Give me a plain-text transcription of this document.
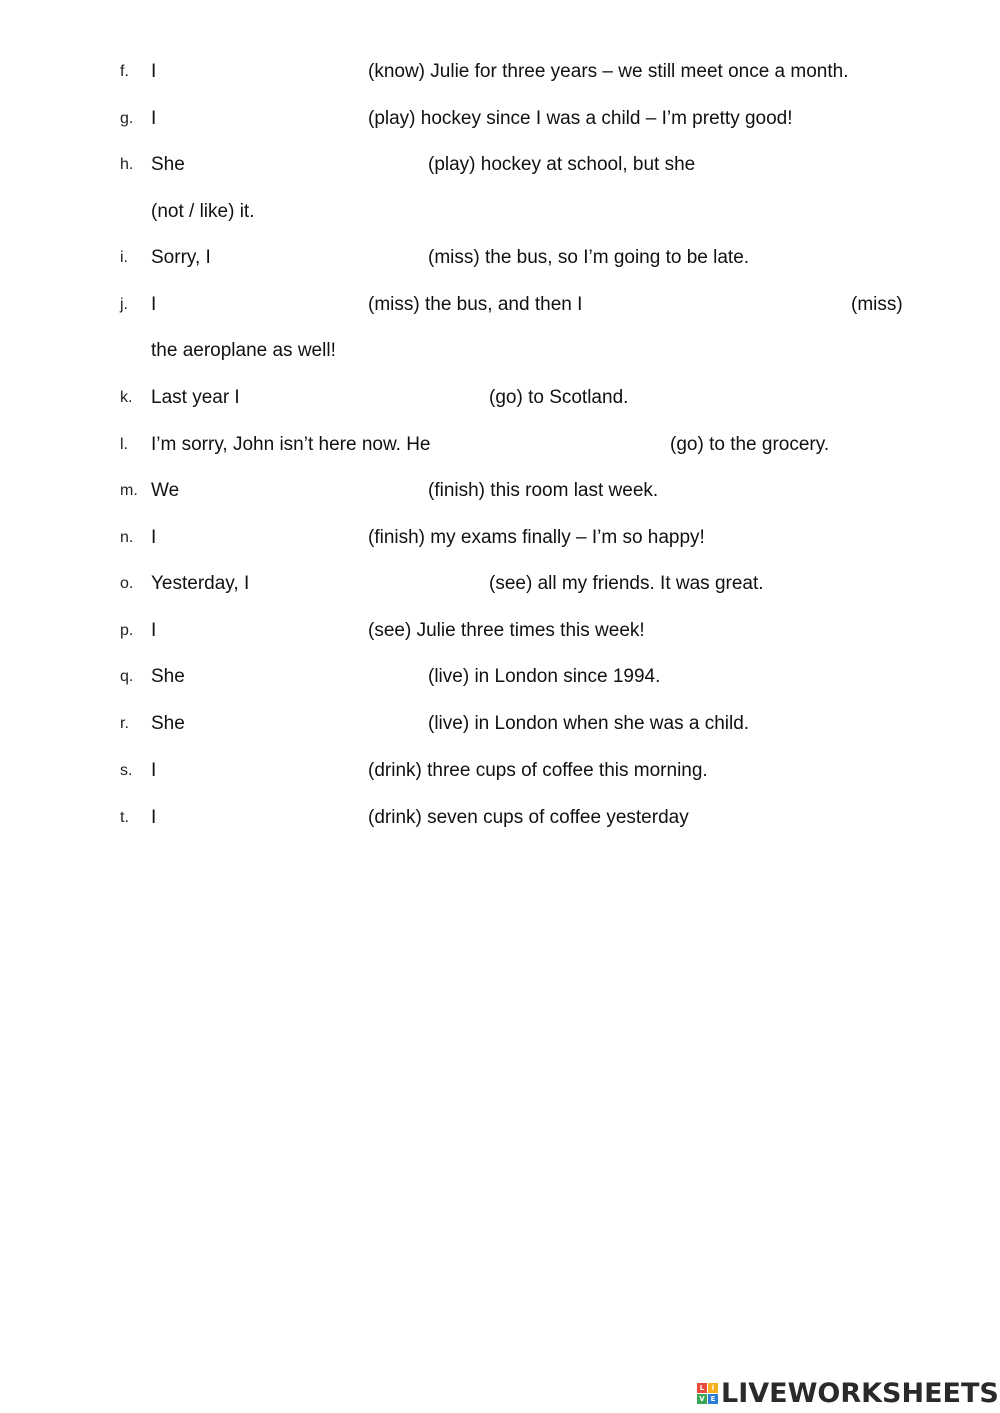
f. I	(know) Julie for three years – we still meet once a month.
g. I	(play) hockey since I was a child – I’m pretty good!
h. She	(play) hockey at school, but she
(not / like) it.
i. Sorry, I	(miss) the bus, so I’m going to be late.
j. I	(miss) the bus, and then I	(miss)
the aeroplane as well!
k. Last year I	(go) to Scotland.
l. I’m sorry, John isn’t here now. He	(go) to the grocery.
m. We	(finish) this room last week.
n. I	(finish) my exams finally – I’m so happy!
o. Yesterday, I	(see) all my friends. It was great.
p. I	(see) Julie three times this week!
q. She	(live) in London since 1994.
r. She	(live) in London when she was a child.
s. I	(drink) three cups of coffee this morning.
t. I	(drink) seven cups of coffee yesterday
L	i
V E LIVEWORKSHEETS
